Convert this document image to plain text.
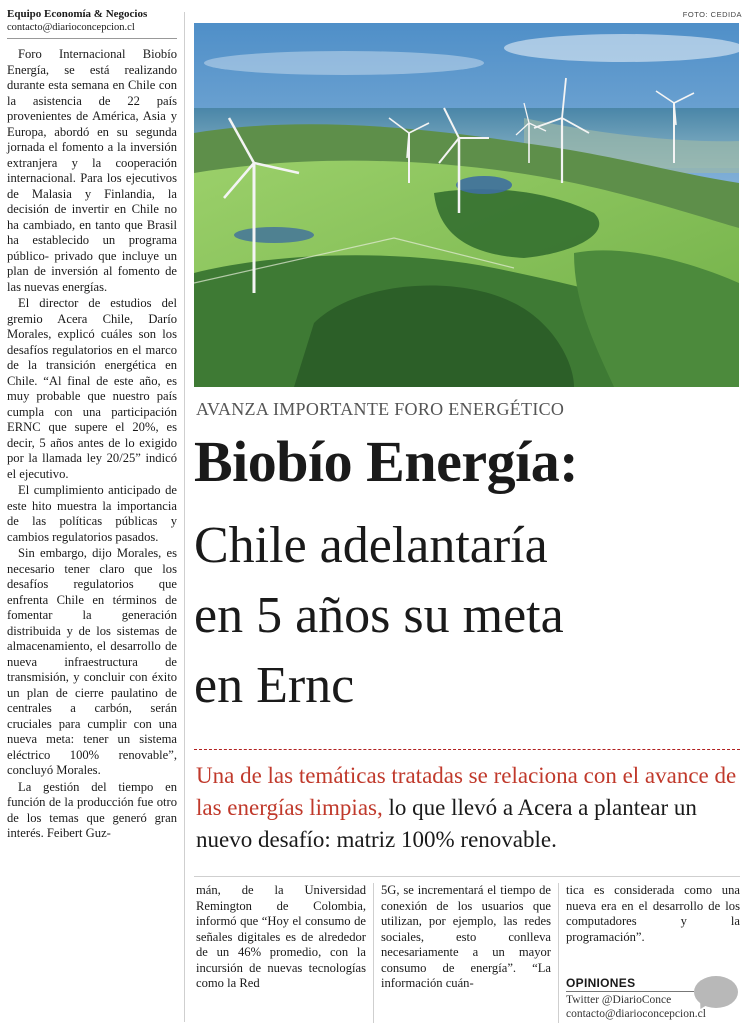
Equipo Economía & Negocios
contacto@diarioconcepcion.cl

Foro Internacional Biobío Energía, se está realizando durante esta semana en Chile con la asistencia de 22 país provenientes de América, Asia y Europa, abordó en su segunda jornada el fomento a la inversión extranjera y la cooperación internacional. Para los ejecutivos de Malasia y Finlandia, la decisión de invertir en Chile no ha cambiado, en tanto que Brasil ha establecido un programa público- privado que incluye un plan de inversión al fomento de las nuevas energías.

El director de estudios del gremio Acera Chile, Darío Morales, explicó cuáles son los desafíos regulatorios en el marco de la transición energética en Chile. “Al final de este año, es muy probable que nuestro país cumpla con una participación ERNC que supere el 20%, es decir, 5 años antes de lo exigido por la llamada ley 20/25” indicó el ejecutivo.

El cumplimiento anticipado de este hito muestra la importancia de las políticas públicas y cambios regulatorios pasados.

Sin embargo, dijo Morales, es necesario tener claro que los desafíos regulatorios que enfrenta Chile en términos de fomentar la generación distribuida y de los sistemas de almacenamiento, el desarrollo de nueva infraestructura de transmisión, y concluir con éxito un plan de cierre paulatino de centrales a carbón, serán cruciales para cumplir con una nueva meta: tener un sistema eléctrico 100% renovable”, concluyó Morales.

La gestión del tiempo en función de la producción fue otro de los temas que generó gran interés. Feibert Guz-

FOTO: CEDIDA
AVANZA IMPORTANTE FORO ENERGÉTICO
Biobío Energía:
Chile adelantaría
en 5 años su meta
en Ernc
Una de las temáticas tratadas se relaciona con el avance de las energías limpias, lo que llevó a Acera a plantear un nuevo desafío: matriz 100% renovable.

mán, de la Universidad Remington de Colombia, informó que “Hoy el consumo de señales digitales es de alrededor de un 46% promedio, con la incursión de nuevas tecnologías como la Red

5G, se incrementará el tiempo de conexión de los usuarios que utilizan, por ejemplo, las redes sociales, esto conlleva necesariamente a un mayor consumo de energía”. “La información cuán-

tica es considerada como una nueva era en el desarrollo de los computadores y la programación”.

OPINIONES
Twitter @DiarioConce
contacto@diarioconcepcion.cl
